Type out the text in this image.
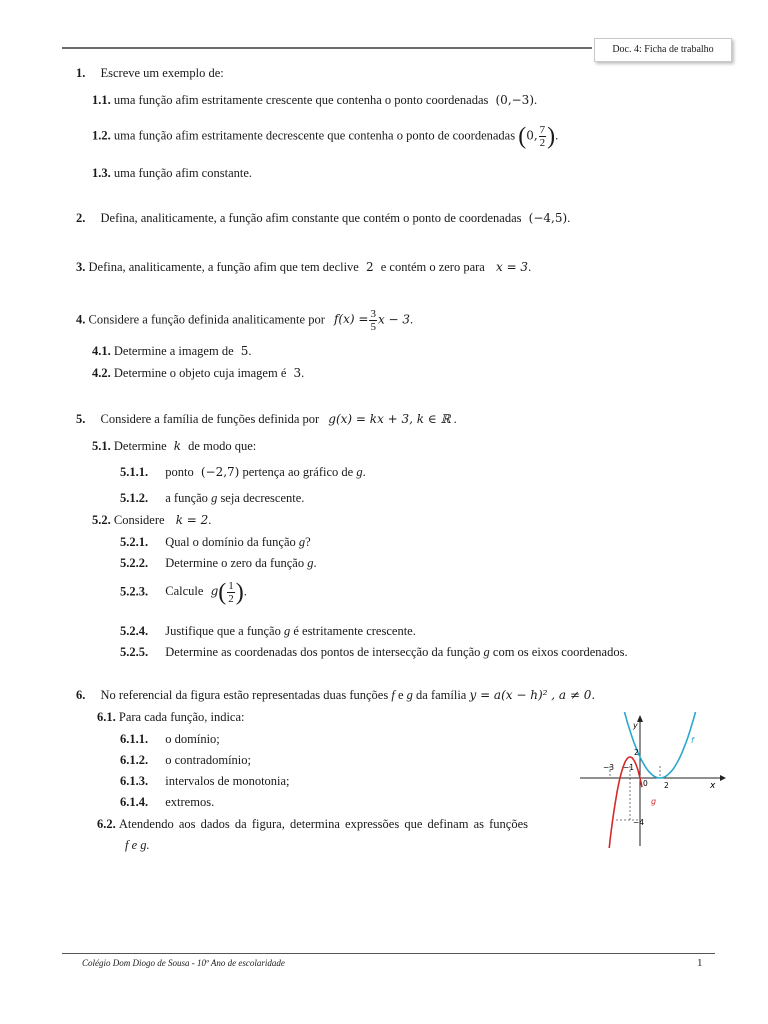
Doc. 4: Ficha de trabalho
1. Escreve um exemplo de:
1.1. uma função afim estritamente crescente que contenha o ponto coordenadas (0,−3).
1.2. uma função afim estritamente decrescente que contenha o ponto de coordenadas (0, $\frac{7}{2}$ ).
1.3. uma função afim constante.
2. Defina, analiticamente, a função afim constante que contém o ponto de coordenadas (−4,5).
3. Defina, analiticamente, a função afim que tem declive 2 e contém o zero para x = 3.
4. Considere a função definida analiticamente por $f(x) = \frac{3}{5}$ x − 3.
4.1. Determine a imagem de 5.
4.2. Determine o objeto cuja imagem é 3.
5. Considere a família de funções definida por g(x) = kx + 3, k ∈ ℝ .
5.1. Determine k de modo que:
5.1.1. ponto (−2,7) pertença ao gráfico de g.
5.1.2. a função g seja decrescente.
5.2. Considere k = 2.
5.2.1. Qual o domínio da função g?
5.2.2. Determine o zero da função g.
5.2.3. Calcule $g( \frac{1}{2}$ ).
5.2.4. Justifique que a função g é estritamente crescente.
5.2.5. Determine as coordenadas dos pontos de intersecção da função g com os eixos coordenados.
6. No referencial da figura estão representadas duas funções f e g da família y = a(x − h)² , a ≠ 0.
6.1. Para cada função, indica:
6.1.1. o domínio;
6.1.2. o contradomínio;
6.1.3. intervalos de monotonia;
6.1.4. extremos.
6.2. Atendendo aos dados da figura, determina expressões que definam as funções
f e g.
x
y
−3 −1
0 2
2
−4
f
g
Colégio Dom Diogo de Sousa - 10º Ano de escolaridade	1
